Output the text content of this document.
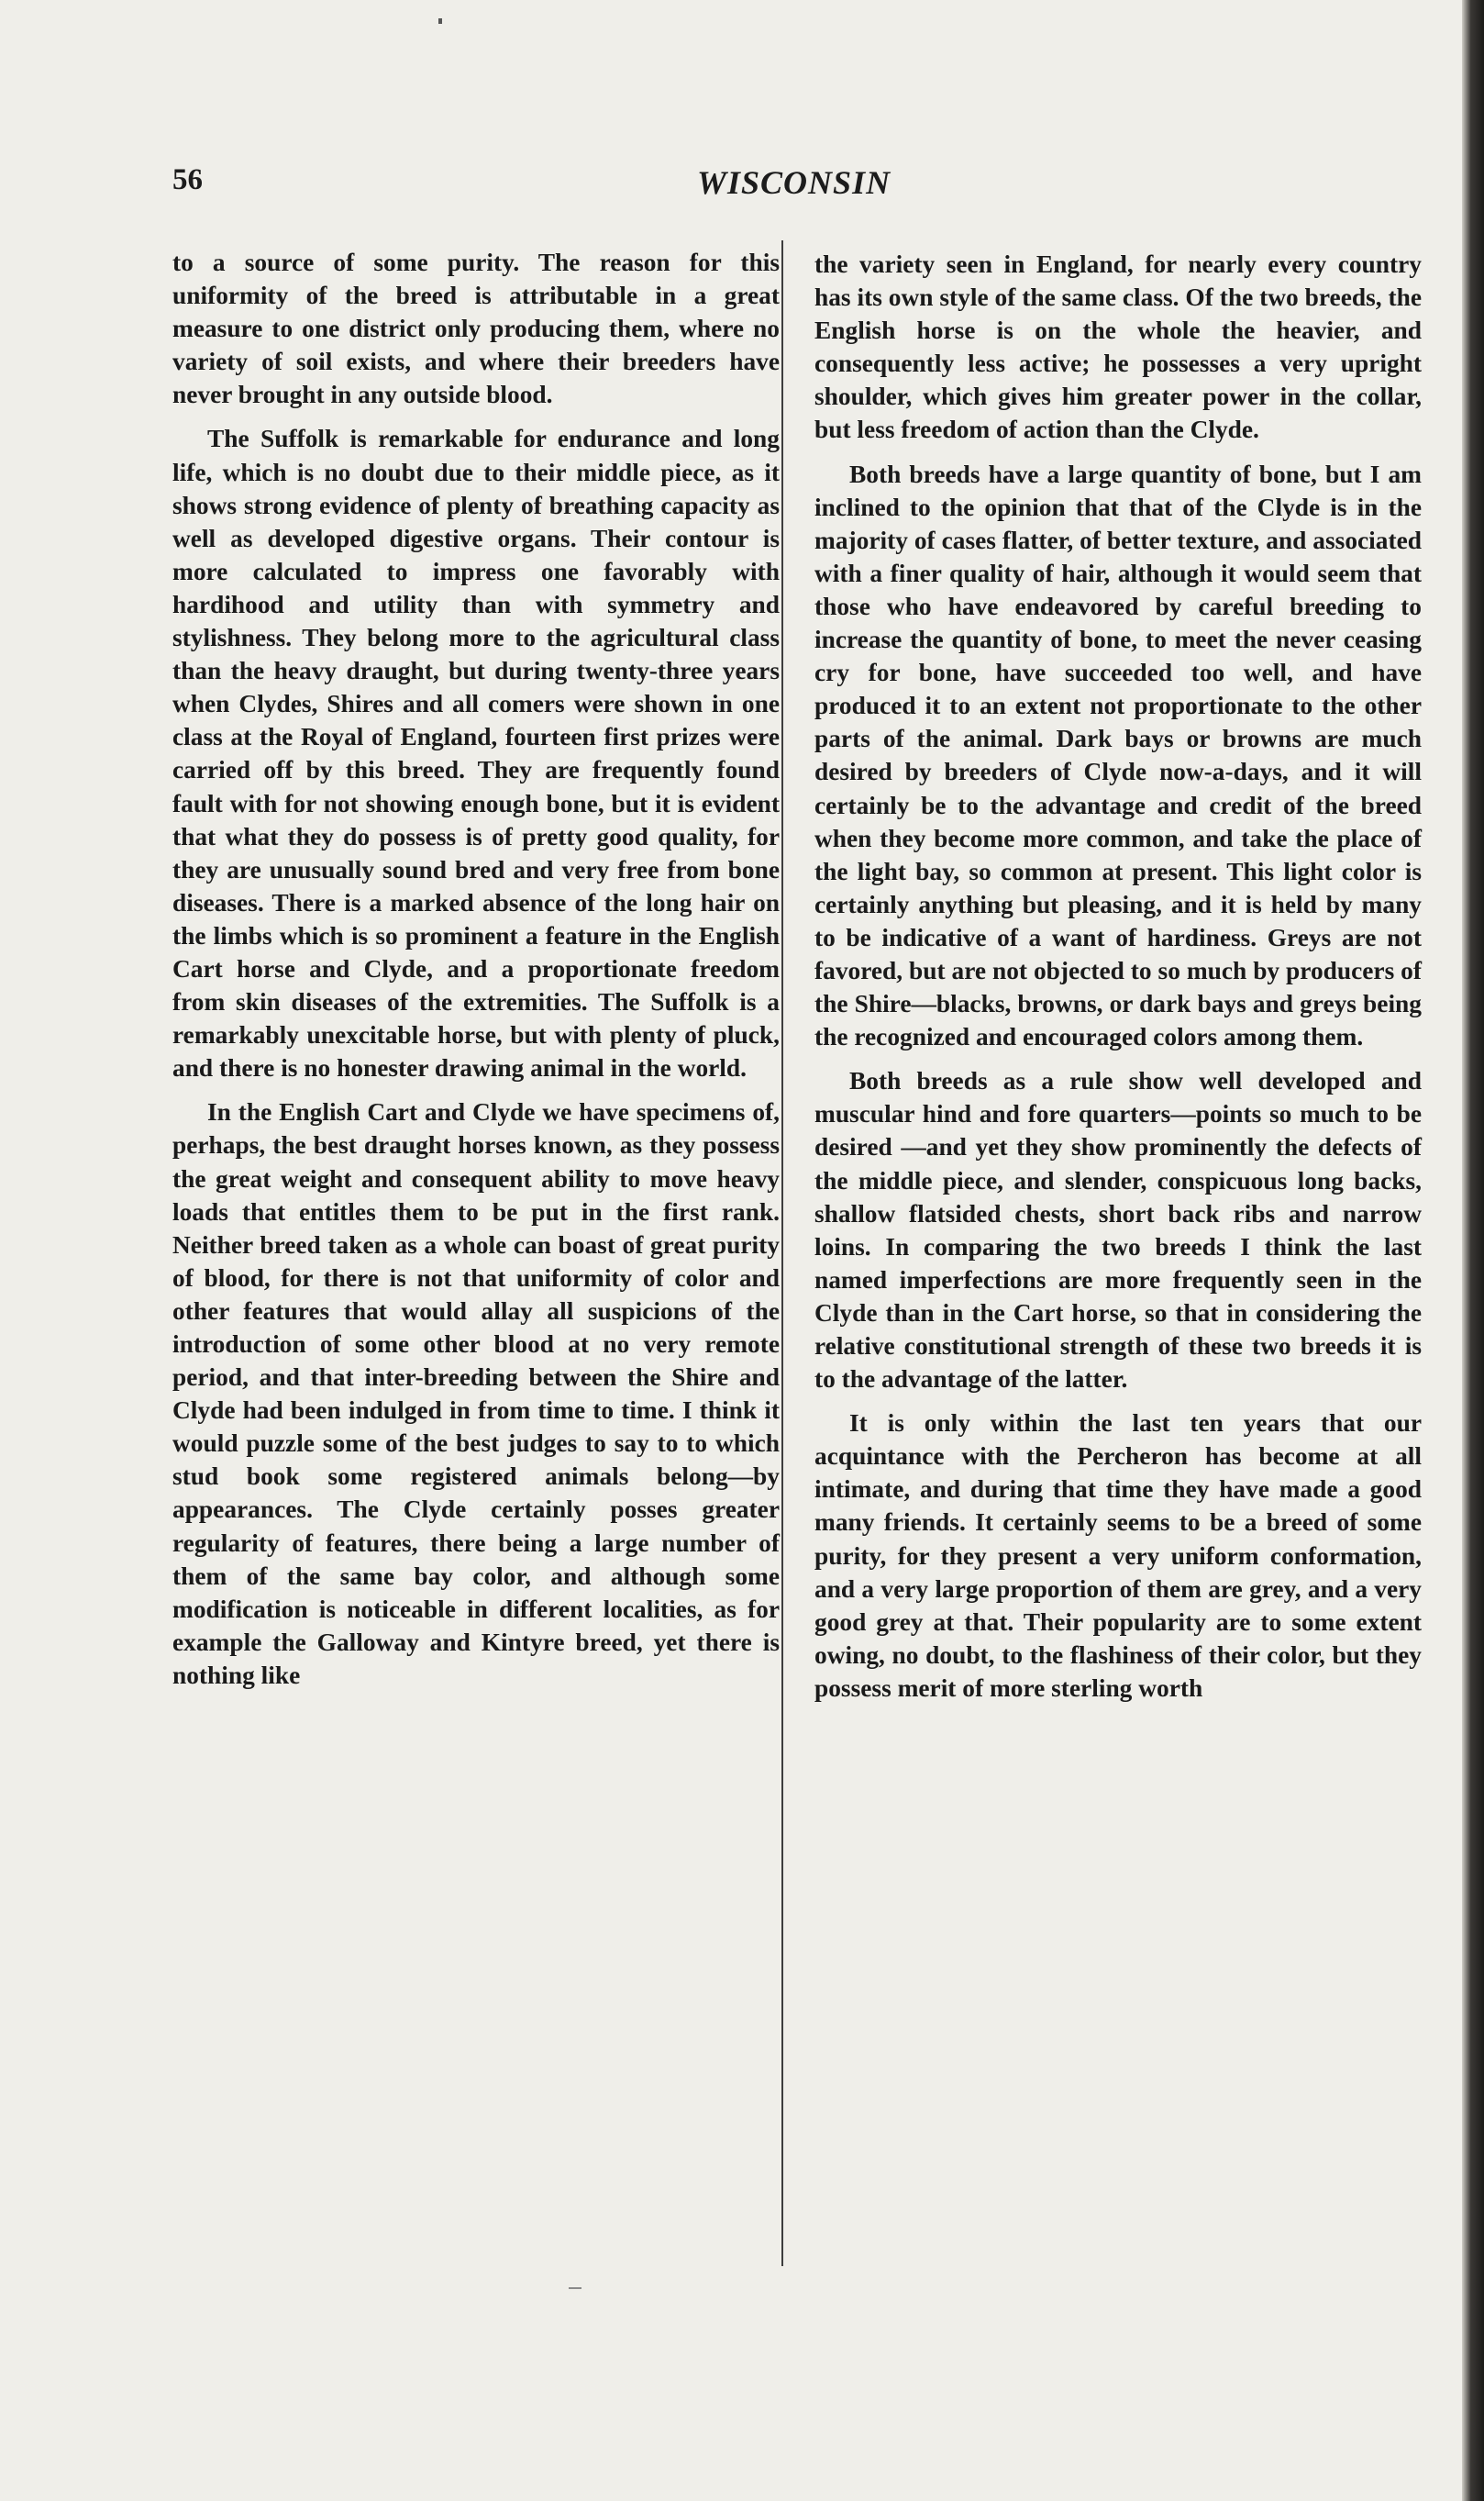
56	WISCONSIN

to a source of some purity. The reason for this uniformity of the breed is attributable in a great measure to one district only producing them, where no variety of soil exists, and where their breeders have never brought in any outside blood.

The Suffolk is remarkable for endurance and long life, which is no doubt due to their middle piece, as it shows strong evidence of plenty of breathing capacity as well as developed digestive organs. Their contour is more calculated to impress one favorably with hardihood and utility than with symmetry and stylishness. They belong more to the agricultural class than the heavy draught, but during twenty-three years when Clydes, Shires and all comers were shown in one class at the Royal of England, fourteen first prizes were carried off by this breed. They are frequently found fault with for not showing enough bone, but it is evident that what they do possess is of pretty good quality, for they are unusually sound bred and very free from bone diseases. There is a marked absence of the long hair on the limbs which is so prominent a feature in the English Cart horse and Clyde, and a proportionate freedom from skin diseases of the extremities. The Suffolk is a remarkably unexcitable horse, but with plenty of pluck, and there is no honester drawing animal in the world.

In the English Cart and Clyde we have specimens of, perhaps, the best draught horses known, as they possess the great weight and consequent ability to move heavy loads that entitles them to be put in the first rank. Neither breed taken as a whole can boast of great purity of blood, for there is not that uniformity of color and other features that would allay all suspicions of the introduction of some other blood at no very remote period, and that inter-breeding between the Shire and Clyde had been indulged in from time to time. I think it would puzzle some of the best judges to say to to which stud book some registered animals belong—by appearances. The Clyde certainly posses greater regularity of features, there being a large number of them of the same bay color, and although some modification is noticeable in different localities, as for example the Galloway and Kintyre breed, yet there is nothing like

the variety seen in England, for nearly every country has its own style of the same class. Of the two breeds, the English horse is on the whole the heavier, and consequently less active; he possesses a very upright shoulder, which gives him greater power in the collar, but less freedom of action than the Clyde.

Both breeds have a large quantity of bone, but I am inclined to the opinion that that of the Clyde is in the majority of cases flatter, of better texture, and associated with a finer quality of hair, although it would seem that those who have endeavored by careful breeding to increase the quantity of bone, to meet the never ceasing cry for bone, have succeeded too well, and have produced it to an extent not proportionate to the other parts of the animal. Dark bays or browns are much desired by breeders of Clyde now-a-days, and it will certainly be to the advantage and credit of the breed when they become more common, and take the place of the light bay, so common at present. This light color is certainly anything but pleasing, and it is held by many to be indicative of a want of hardiness. Greys are not favored, but are not objected to so much by producers of the Shire—blacks, browns, or dark bays and greys being the recognized and encouraged colors among them.

Both breeds as a rule show well developed and muscular hind and fore quarters—points so much to be desired —and yet they show prominently the defects of the middle piece, and slender, conspicuous long backs, shallow flatsided chests, short back ribs and narrow loins. In comparing the two breeds I think the last named imperfections are more frequently seen in the Clyde than in the Cart horse, so that in considering the relative constitutional strength of these two breeds it is to the advantage of the latter.

It is only within the last ten years that our acquintance with the Percheron has become at all intimate, and during that time they have made a good many friends. It certainly seems to be a breed of some purity, for they present a very uniform conformation, and a very large proportion of them are grey, and a very good grey at that. Their popularity are to some extent owing, no doubt, to the flashiness of their color, but they possess merit of more sterling worth
